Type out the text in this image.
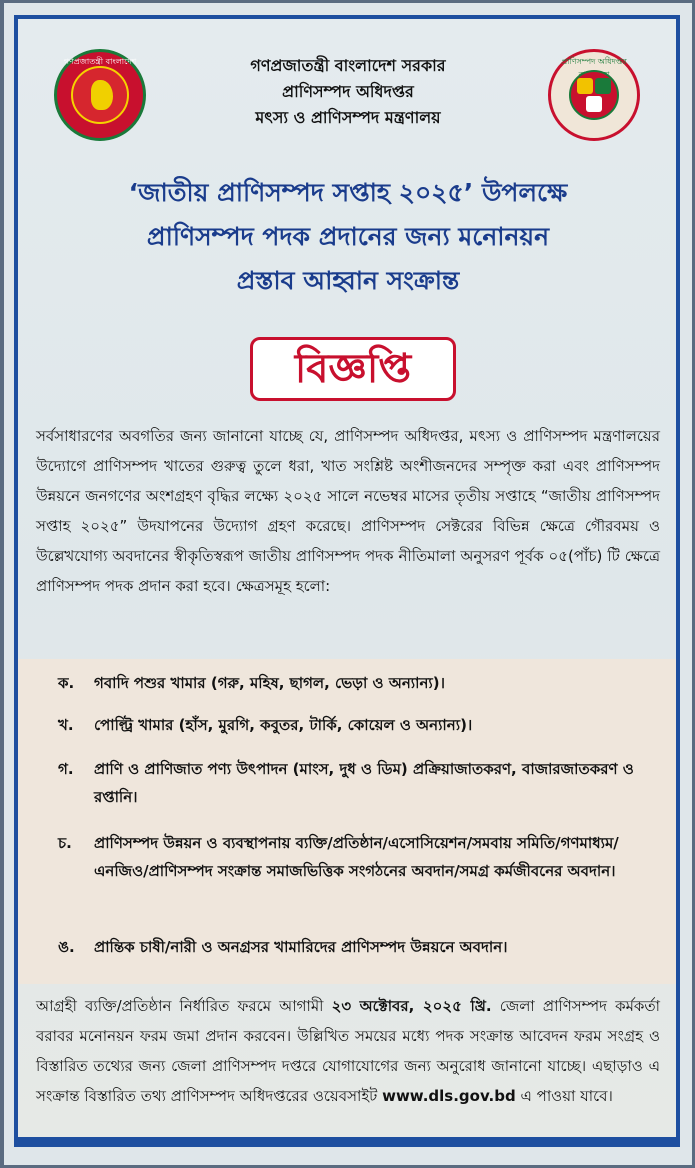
গণপ্রজাতন্ত্রী বাংলাদেশ	গণপ্রজাতন্ত্রী বাংলাদেশ সরকার
প্রাণিসম্পদ অধিদপ্তর
মৎস্য ও প্রাণিসম্পদ মন্ত্রণালয়
প্রাণিসম্পদ অধিদপ্তর
‘জাতীয় প্রাণিসম্পদ সপ্তাহ ২০২৫’ উপলক্ষে
প্রাণিসম্পদ পদক প্রদানের জন্য মনোনয়ন
প্রস্তাব আহ্বান সংক্রান্ত
বিজ্ঞপ্তি
সর্বসাধারণের অবগতির জন্য জানানো যাচ্ছে যে, প্রাণিসম্পদ অধিদপ্তর, মৎস্য ও প্রাণিসম্পদ মন্ত্রণালয়ের উদ্যোগে প্রাণিসম্পদ খাতের গুরুত্ব তুলে ধরা, খাত সংশ্লিষ্ট অংশীজনদের সম্পৃক্ত করা এবং প্রাণিসম্পদ উন্নয়নে জনগণের অংশগ্রহণ বৃদ্ধির লক্ষ্যে ২০২৫ সালে নভেম্বর মাসের তৃতীয় সপ্তাহে “জাতীয় প্রাণিসম্পদ সপ্তাহ ২০২৫” উদযাপনের উদ্যোগ গ্রহণ করেছে। প্রাণিসম্পদ সেক্টরের বিভিন্ন ক্ষেত্রে গৌরবময় ও উল্লেখযোগ্য অবদানের স্বীকৃতিস্বরূপ জাতীয় প্রাণিসম্পদ পদক নীতিমালা অনুসরণ পূর্বক ০৫(পাঁচ) টি ক্ষেত্রে প্রাণিসম্পদ পদক প্রদান করা হবে। ক্ষেত্রসমূহ হলো:
ক.	গবাদি পশুর খামার (গরু, মহিষ, ছাগল, ভেড়া ও অন্যান্য)।
খ.	পোল্ট্রি খামার (হাঁস, মুরগি, কবুতর, টার্কি, কোয়েল ও অন্যান্য)।
গ.	প্রাণি ও প্রাণিজাত পণ্য উৎপাদন (মাংস, দুধ ও ডিম) প্রক্রিয়াজাতকরণ, বাজারজাতকরণ ও রপ্তানি।
চ.	প্রাণিসম্পদ উন্নয়ন ও ব্যবস্থাপনায় ব্যক্তি/প্রতিষ্ঠান/এসোসিয়েশন/সমবায় সমিতি/গণমাধ্যম/এনজিও/প্রাণিসম্পদ সংক্রান্ত সমাজভিত্তিক সংগঠনের অবদান/সমগ্র কর্মজীবনের অবদান।
ঙ.	প্রান্তিক চাষী/নারী ও অনগ্রসর খামারিদের প্রাণিসম্পদ উন্নয়নে অবদান।
আগ্রহী ব্যক্তি/প্রতিষ্ঠান নির্ধারিত ফরমে আগামী ২৩ অক্টোবর, ২০২৫ খ্রি. জেলা প্রাণিসম্পদ কর্মকর্তা বরাবর মনোনয়ন ফরম জমা প্রদান করবেন। উল্লিখিত সময়ের মধ্যে পদক সংক্রান্ত আবেদন ফরম সংগ্রহ ও বিস্তারিত তথ্যের জন্য জেলা প্রাণিসম্পদ দপ্তরে যোগাযোগের জন্য অনুরোধ জানানো যাচ্ছে। এছাড়াও এ সংক্রান্ত বিস্তারিত তথ্য প্রাণিসম্পদ অধিদপ্তরের ওয়েবসাইট www.dls.gov.bd এ পাওয়া যাবে।
